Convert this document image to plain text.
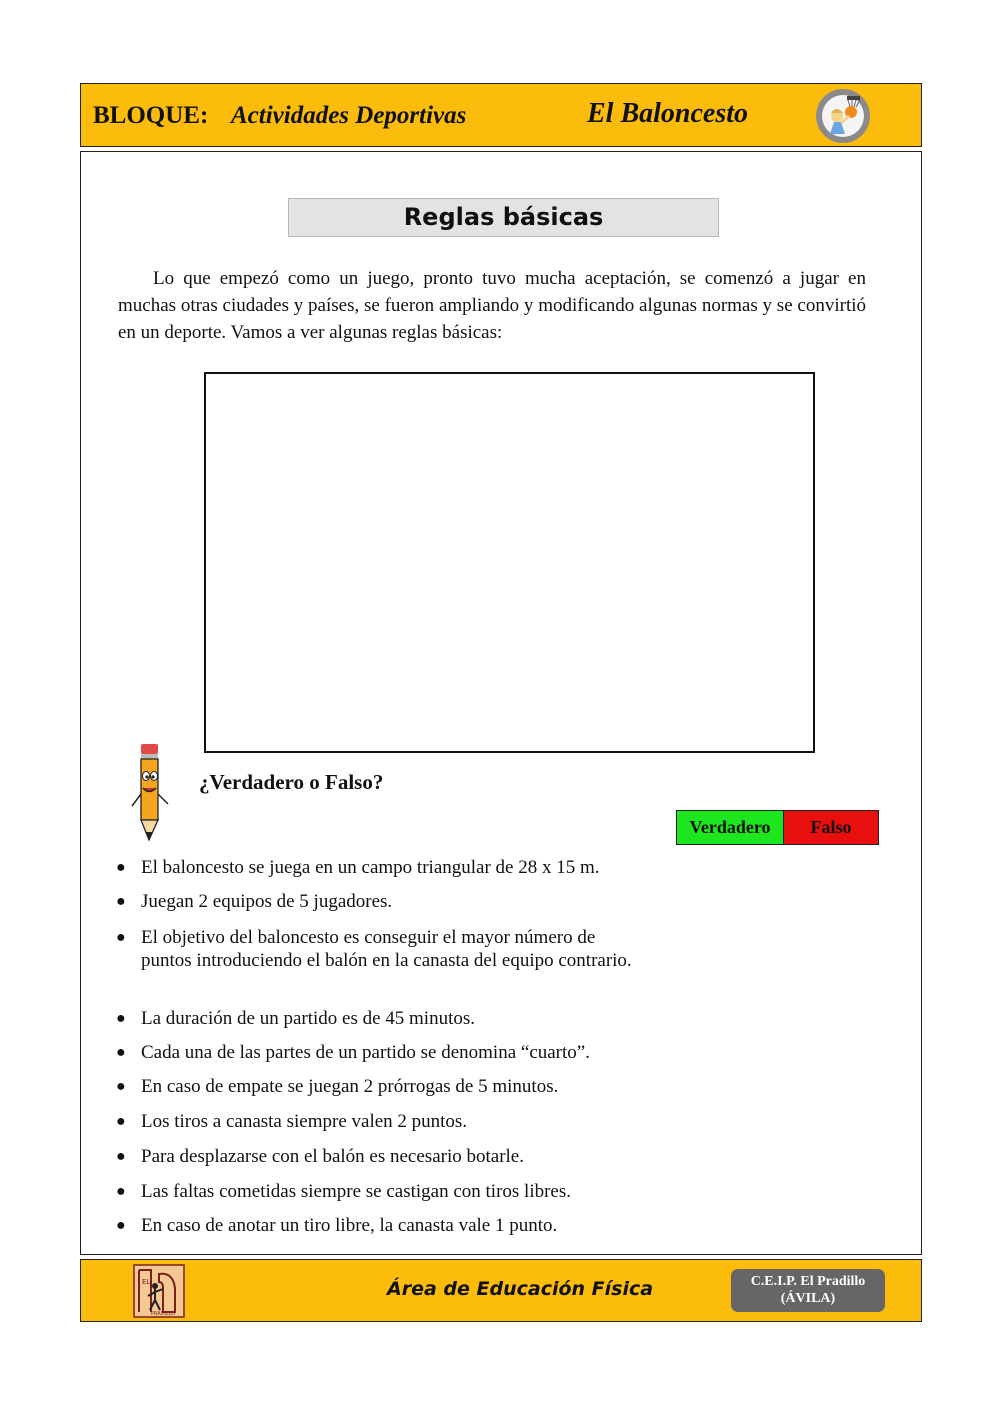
BLOQUE: Actividades Deportivas	El Baloncesto
Reglas básicas

Lo que empezó como un juego, pronto tuvo mucha aceptación, se comenzó a jugar en muchas otras ciudades y países, se fueron ampliando y modificando algunas normas y se convirtió en un deporte. Vamos a ver algunas reglas básicas:

¿Verdadero o Falso?
Verdadero	Falso
● El baloncesto se juega en un campo triangular de 28 x 15 m.
● Juegan 2 equipos de 5 jugadores.
● El objetivo del baloncesto es conseguir el mayor número de puntos introduciendo el balón en la canasta del equipo contrario.
● La duración de un partido es de 45 minutos.
● Cada una de las partes de un partido se denomina “cuarto”.
● En caso de empate se juegan 2 prórrogas de 5 minutos.
● Los tiros a canasta siempre valen 2 puntos.
● Para desplazarse con el balón es necesario botarle.
● Las faltas cometidas siempre se castigan con tiros libres.
● En caso de anotar un tiro libre, la canasta vale 1 punto.
EL
PRADILLO
Área de Educación Física	C.E.I.P. El Pradillo
(ÁVILA)
